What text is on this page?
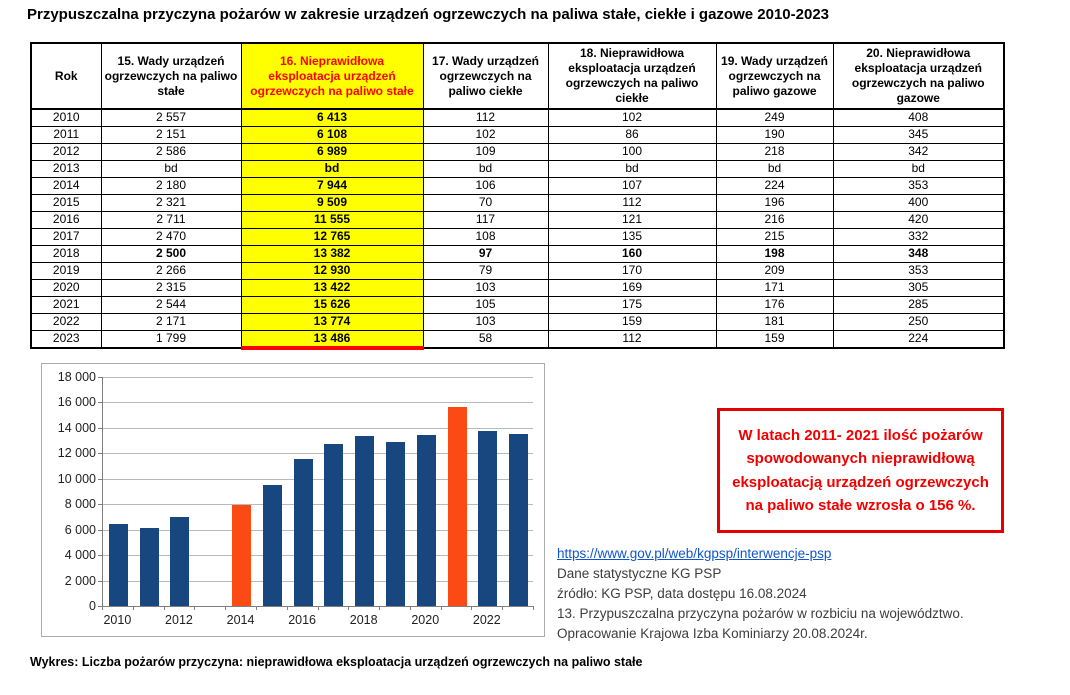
Przypuszczalna przyczyna pożarów w zakresie urządzeń ogrzewczych na paliwa stałe, ciekłe i gazowe 2010-2023
Rok	15. Wady urządzeń ogrzewczych na paliwo stałe	16. Nieprawidłowa eksploatacja urządzeń ogrzewczych na paliwo stałe	17. Wady urządzeń ogrzewczych na paliwo ciekłe	18. Nieprawidłowa eksploatacja urządzeń ogrzewczych na paliwo ciekłe	19. Wady urządzeń ogrzewczych na paliwo gazowe	20. Nieprawidłowa eksploatacja urządzeń ogrzewczych na paliwo gazowe
2010	2 557	6 413	112	102	249	408
2011	2 151	6 108	102	86	190	345
2012	2 586	6 989	109	100	218	342
2013	bd	bd	bd	bd	bd	bd
2014	2 180	7 944	106	107	224	353
2015	2 321	9 509	70	112	196	400
2016	2 711	11 555	117	121	216	420
2017	2 470	12 765	108	135	215	332
2018	2 500	13 382	97	160	198	348
2019	2 266	12 930	79	170	209	353
2020	2 315	13 422	103	169	171	305
2021	2 544	15 626	105	175	176	285
2022	2 171	13 774	103	159	181	250
2023	1 799	13 486	58	112	159	224
18 000
16 000
14 000
12 000
10 000
8 000
6 000
4 000
2 000
0
2010	2012	2014	2016	2018	2020	2022
W latach 2011- 2021 ilość pożarów spowodowanych nieprawidłową eksploatacją urządzeń ogrzewczych na paliwo stałe wzrosła o 156 %.
https://www.gov.pl/web/kgpsp/interwencje-psp
Dane statystyczne KG PSP
źródło: KG PSP, data dostępu 16.08.2024
13. Przypuszczalna przyczyna pożarów w rozbiciu na województwo.
Opracowanie Krajowa Izba Kominiarzy 20.08.2024r.
Wykres: Liczba pożarów przyczyna: nieprawidłowa eksploatacja urządzeń ogrzewczych na paliwo stałe
